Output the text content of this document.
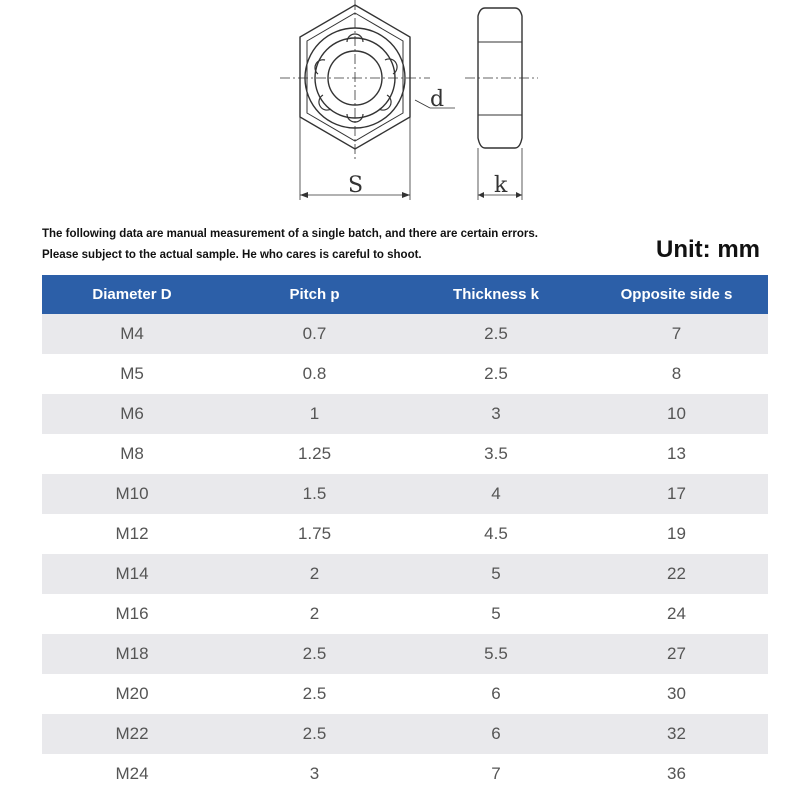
d
S	k
The following data are manual measurement of a single batch, and there are certain errors.
Please subject to the actual sample. He who cares is careful to shoot.	Unit: mm
Diameter D	Pitch p	Thickness k	Opposite side s
M4	0.7	2.5	7
M5	0.8	2.5	8
M6	1	3	10
M8	1.25	3.5	13
M10	1.5	4	17
M12	1.75	4.5	19
M14	2	5	22
M16	2	5	24
M18	2.5	5.5	27
M20	2.5	6	30
M22	2.5	6	32
M24	3	7	36
